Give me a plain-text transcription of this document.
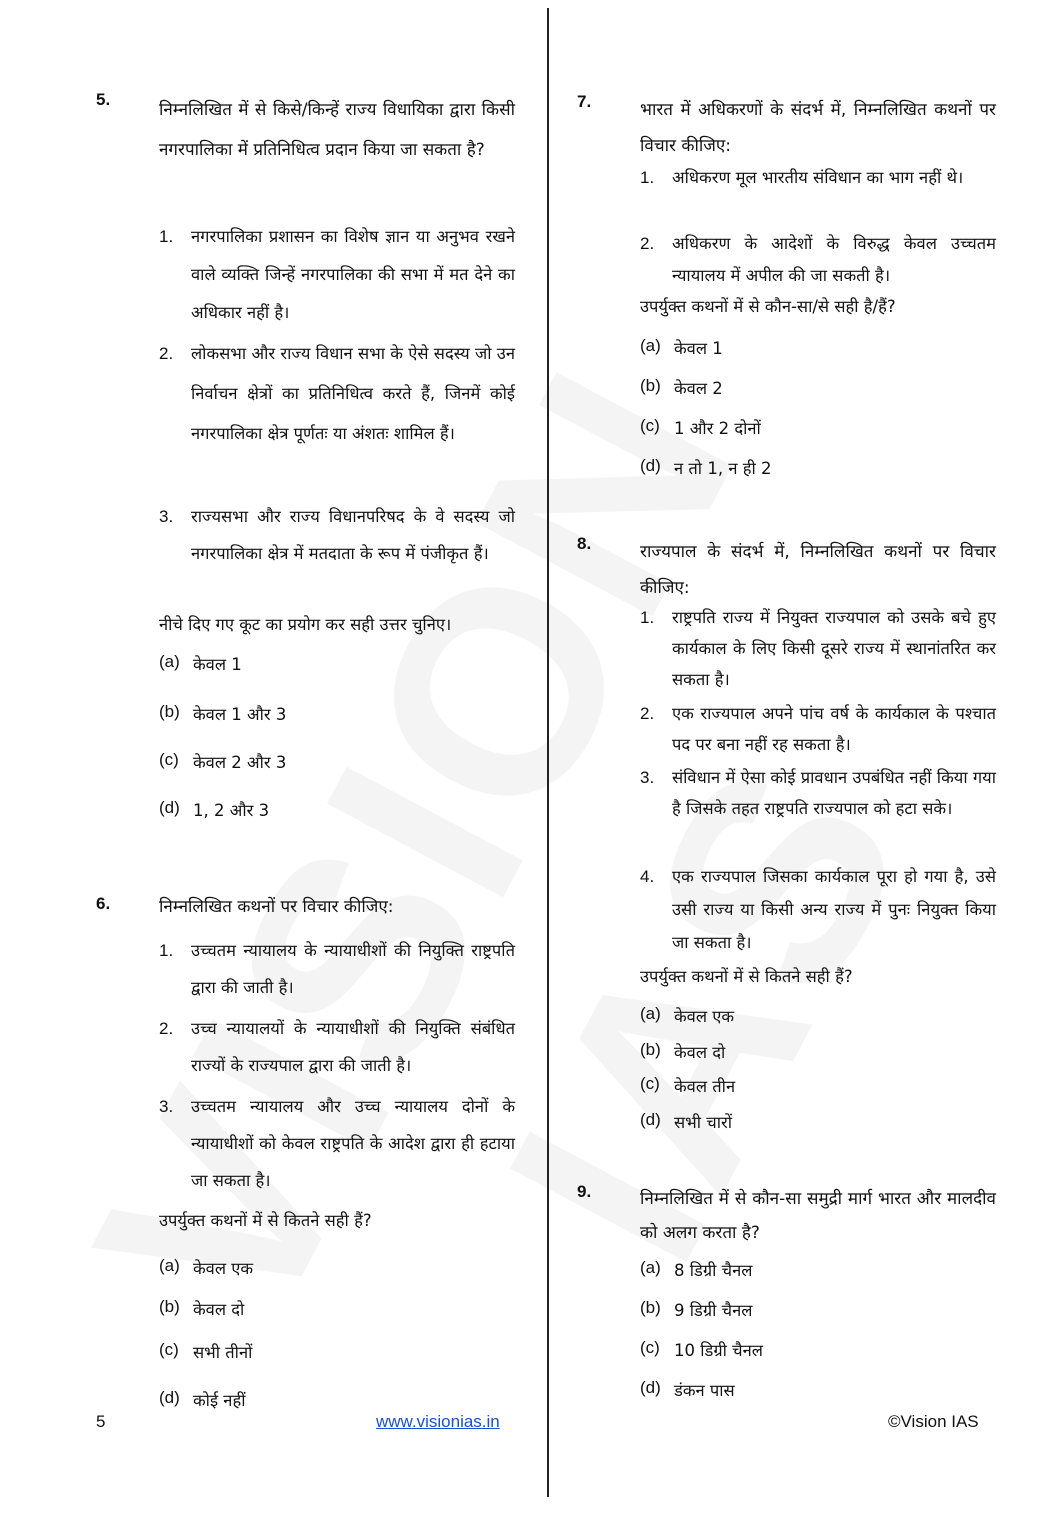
5.
निम्नलिखित में से किसे/किन्हें राज्य विधायिका द्वारा किसी नगरपालिका में प्रतिनिधित्व प्रदान किया जा सकता है?
1. नगरपालिका प्रशासन का विशेष ज्ञान या अनुभव रखने वाले व्यक्ति जिन्हें नगरपालिका की सभा में मत देने का अधिकार नहीं है।
2. लोकसभा और राज्य विधान सभा के ऐसे सदस्य जो उन निर्वाचन क्षेत्रों का प्रतिनिधित्व करते हैं, जिनमें कोई नगरपालिका क्षेत्र पूर्णतः या अंशतः शामिल हैं।
3. राज्यसभा और राज्य विधानपरिषद के वे सदस्य जो नगरपालिका क्षेत्र में मतदाता के रूप में पंजीकृत हैं।
नीचे दिए गए कूट का प्रयोग कर सही उत्तर चुनिए।
(a) केवल 1
(b) केवल 1 और 3
(c) केवल 2 और 3
(d) 1, 2 और 3
6.	निम्नलिखित कथनों पर विचार कीजिए:
1. उच्चतम न्यायालय के न्यायाधीशों की नियुक्ति राष्ट्रपति द्वारा की जाती है।
2. उच्च न्यायालयों के न्यायाधीशों की नियुक्ति संबंधित राज्यों के राज्यपाल द्वारा की जाती है।
3. उच्चतम न्यायालय और उच्च न्यायालय दोनों के न्यायाधीशों को केवल राष्ट्रपति के आदेश द्वारा ही हटाया जा सकता है।
उपर्युक्त कथनों में से कितने सही हैं?
(a) केवल एक
(b) केवल दो
(c) सभी तीनों
(d) कोई नहीं
7.	भारत में अधिकरणों के संदर्भ में, निम्नलिखित कथनों पर विचार कीजिए:
1. अधिकरण मूल भारतीय संविधान का भाग नहीं थे।
2. अधिकरण के आदेशों के विरुद्ध केवल उच्चतम न्यायालय में अपील की जा सकती है।
उपर्युक्त कथनों में से कौन-सा/से सही है/हैं?
(a) केवल 1
(b) केवल 2
(c) 1 और 2 दोनों
(d) न तो 1, न ही 2
8.	राज्यपाल के संदर्भ में, निम्नलिखित कथनों पर विचार कीजिए:
1. राष्ट्रपति राज्य में नियुक्त राज्यपाल को उसके बचे हुए कार्यकाल के लिए किसी दूसरे राज्य में स्थानांतरित कर सकता है।
2. एक राज्यपाल अपने पांच वर्ष के कार्यकाल के पश्चात पद पर बना नहीं रह सकता है।
3. संविधान में ऐसा कोई प्रावधान उपबंधित नहीं किया गया है जिसके तहत राष्ट्रपति राज्यपाल को हटा सके।
4. एक राज्यपाल जिसका कार्यकाल पूरा हो गया है, उसे उसी राज्य या किसी अन्य राज्य में पुनः नियुक्त किया जा सकता है।
उपर्युक्त कथनों में से कितने सही हैं?
(a) केवल एक
(b) केवल दो
(c) केवल तीन
(d) सभी चारों
9.	निम्नलिखित में से कौन-सा समुद्री मार्ग भारत और मालदीव को अलग करता है?
(a) 8 डिग्री चैनल
(b) 9 डिग्री चैनल
(c) 10 डिग्री चैनल
(d) डंकन पास
5	www.visionias.in	©Vision IAS
